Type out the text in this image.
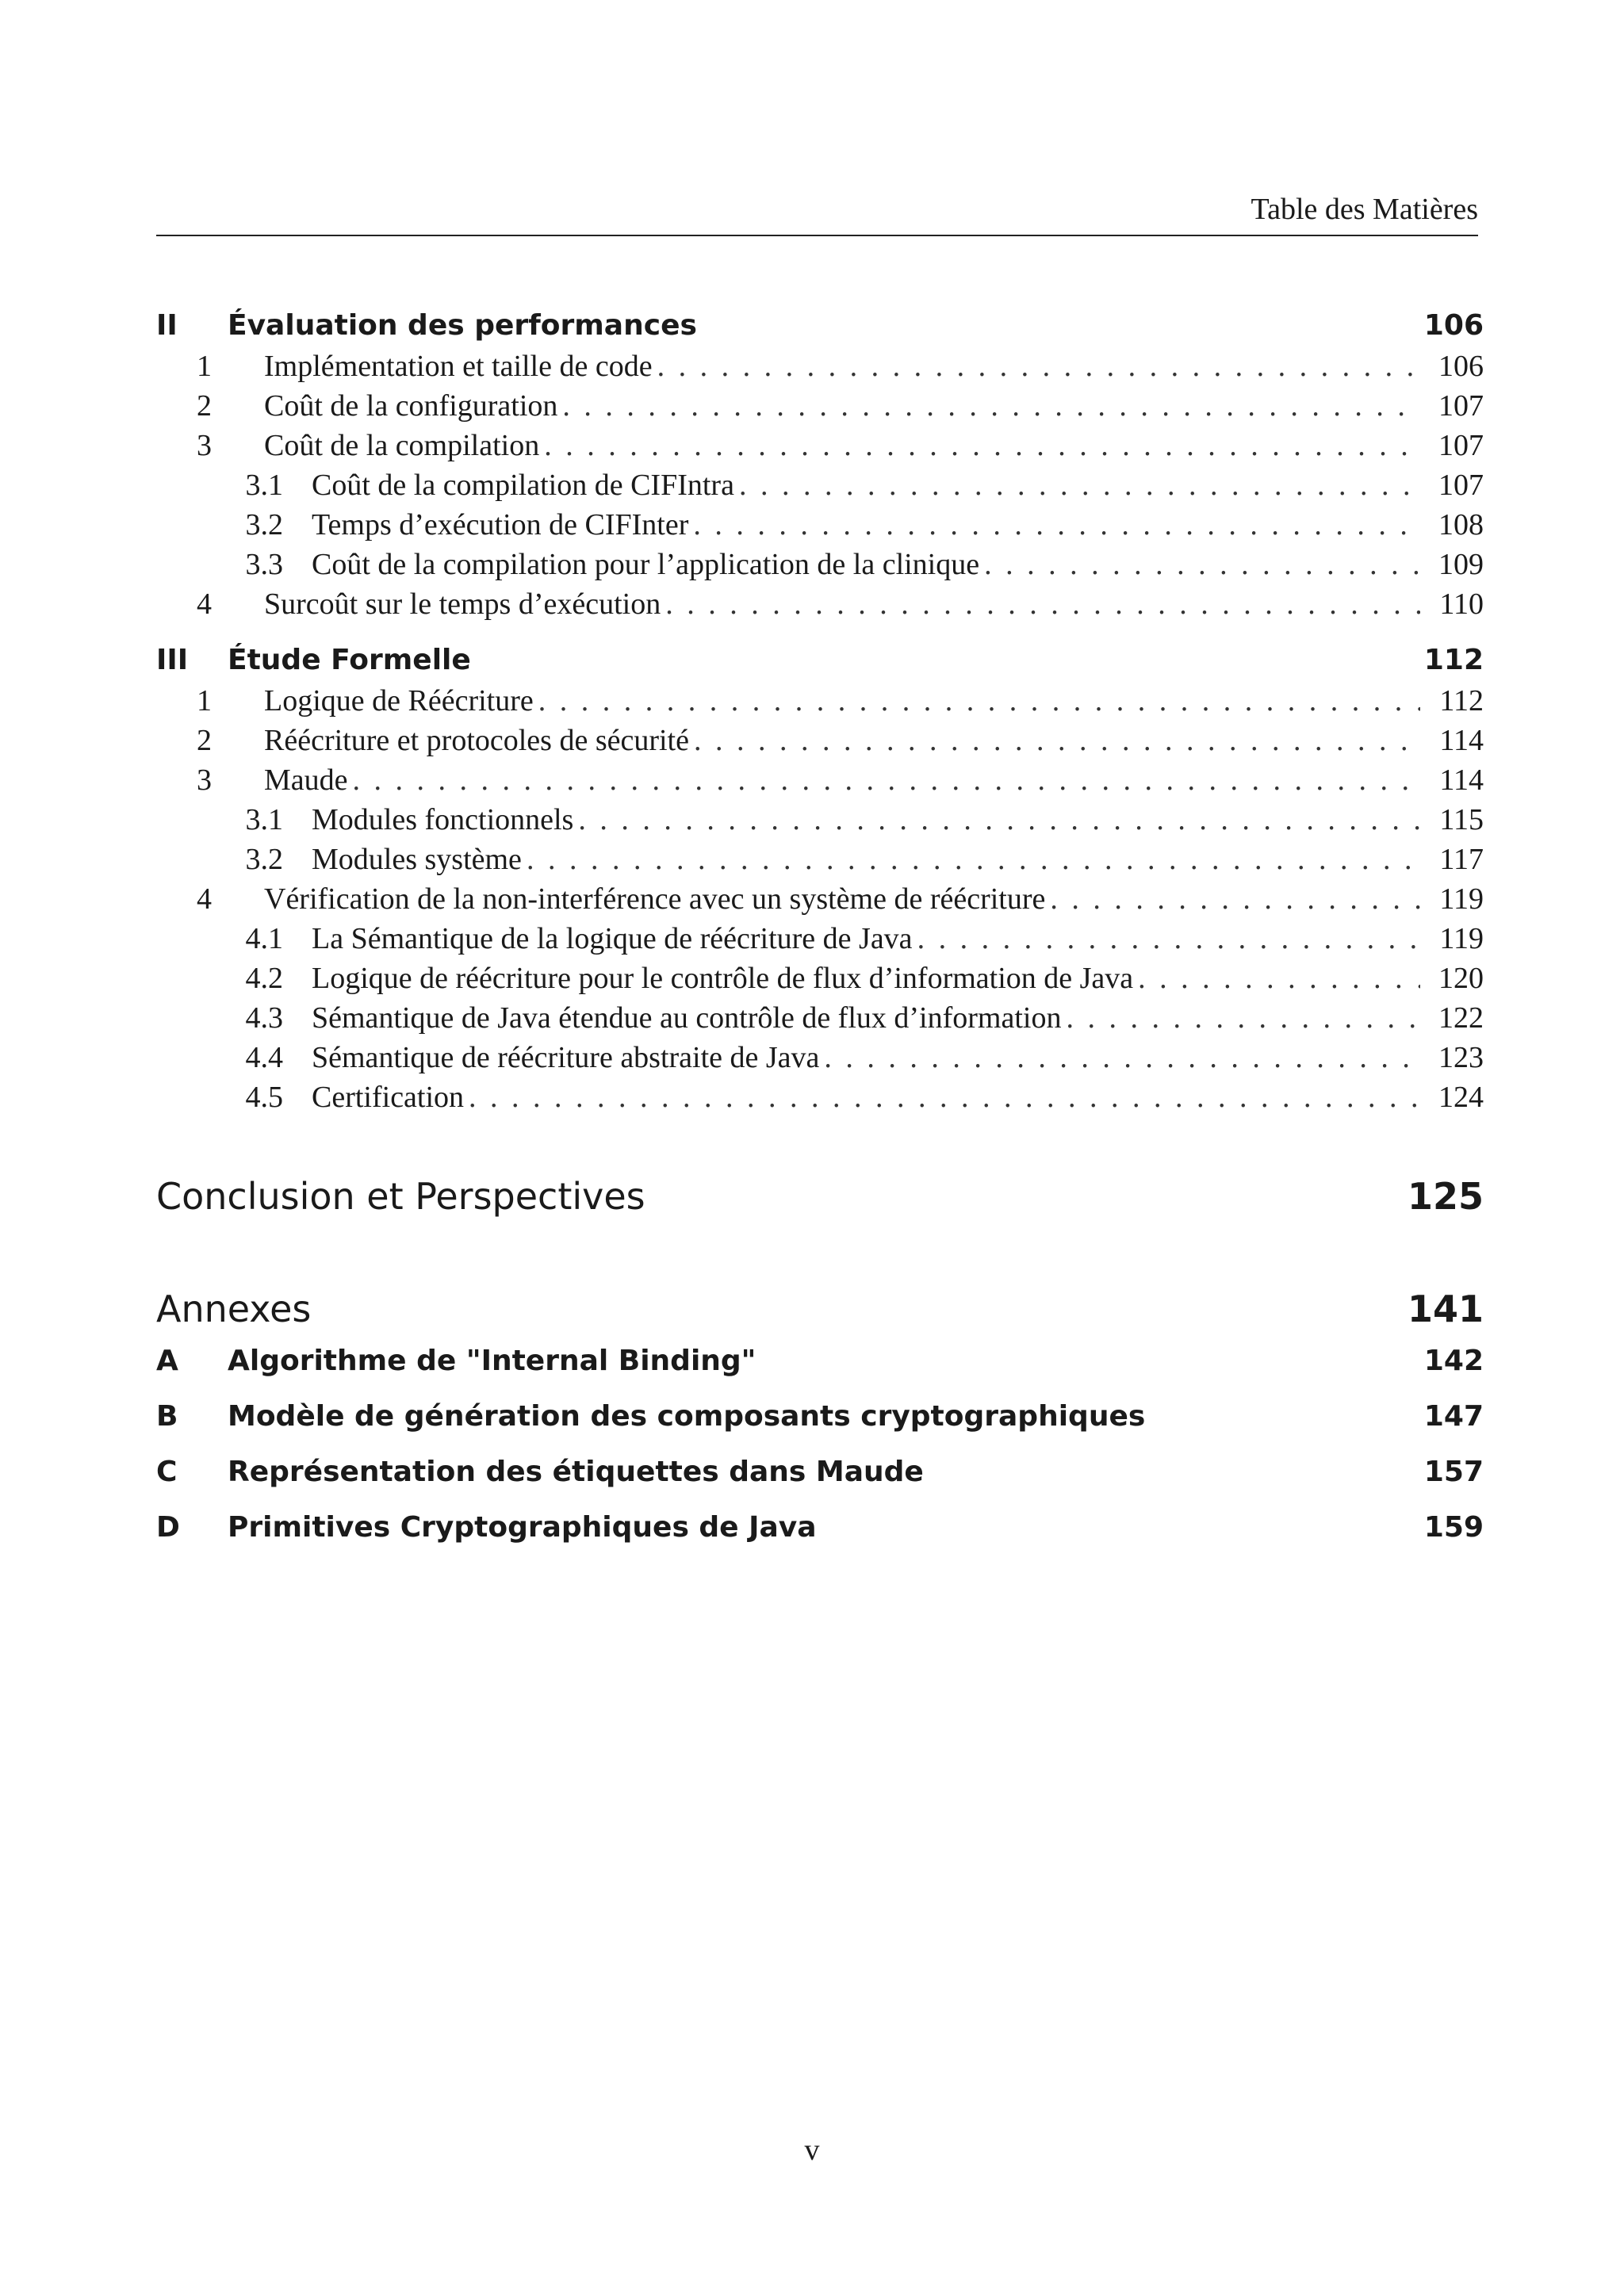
Table des Matières
II	Évaluation des performances	106
1	Implémentation et taille de code . . .	106
2	Coût de la configuration . . .	107
3	Coût de la compilation . . .	107
3.1 Coût de la compilation de CIFIntra . . .	107
3.2 Temps d’exécution de CIFInter . . .	108
3.3 Coût de la compilation pour l’application de la clinique . . .	109
4	Surcoût sur le temps d’exécution . . .	110
III	Étude Formelle	112
1	Logique de Réécriture . . .	112
2	Réécriture et protocoles de sécurité . . .	114
3	Maude . . .	114
3.1 Modules fonctionnels . . .	115
3.2 Modules système . . .	117
4	Vérification de la non-interférence avec un système de réécriture . . .	119
4.1 La Sémantique de la logique de réécriture de Java . . .	119
4.2 Logique de réécriture pour le contrôle de flux d’information de Java . . .	120
4.3 Sémantique de Java étendue au contrôle de flux d’information . . .	122
4.4 Sémantique de réécriture abstraite de Java . . .	123
4.5 Certification . . .	124
Conclusion et Perspectives	125
Annexes	141
A	Algorithme de "Internal Binding"	142
B	Modèle de génération des composants cryptographiques	147
C	Représentation des étiquettes dans Maude	157
D	Primitives Cryptographiques de Java	159
v
